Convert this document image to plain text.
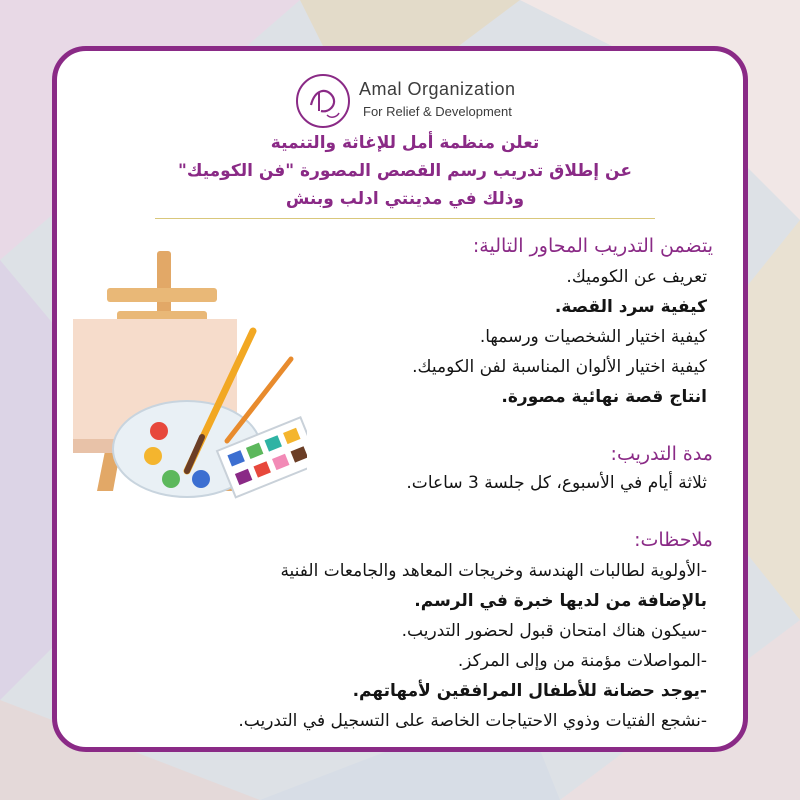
Amal Organization
For Relief & Development
تعلن منظمة أمل للإغاثة والتنمية
عن إطلاق تدريب رسم القصص المصورة "فن الكوميك"
وذلك في مدينتي ادلب وبنش
يتضمن التدريب المحاور التالية:
تعريف عن الكوميك.
كيفية سرد القصة.
كيفية اختيار الشخصيات ورسمها.
كيفية اختيار الألوان المناسبة لفن الكوميك.
انتاج قصة نهائية مصورة.
مدة التدريب:
ثلاثة أيام في الأسبوع، كل جلسة 3 ساعات.
ملاحظات:
-الأولوية لطالبات الهندسة وخريجات المعاهد والجامعات الفنية
بالإضافة من لديها خبرة في الرسم.
-سيكون هناك امتحان قبول لحضور التدريب.
-المواصلات مؤمنة من وإلى المركز.
-يوجد حضانة للأطفال المرافقين لأمهاتهم.
-نشجع الفتيات وذوي الاحتياجات الخاصة على التسجيل في التدريب.
